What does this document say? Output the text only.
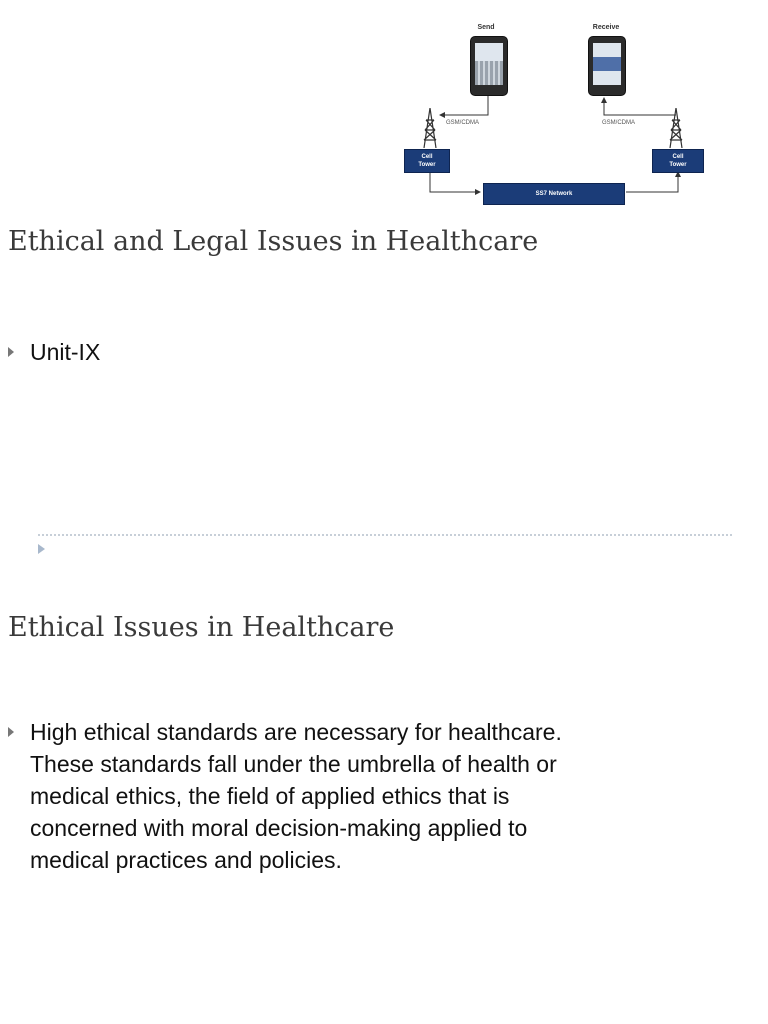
Send	Receive
GSM/CDMA	GSM/CDMA
Cell
Tower
Cell
Tower
SS7 Network
Ethical and Legal Issues in Healthcare
Unit-IX
Ethical Issues in Healthcare
High ethical standards are necessary for healthcare.
These standards fall under the umbrella of health or
medical ethics, the field of applied ethics that is
concerned with moral decision-making applied to
medical practices and policies.
